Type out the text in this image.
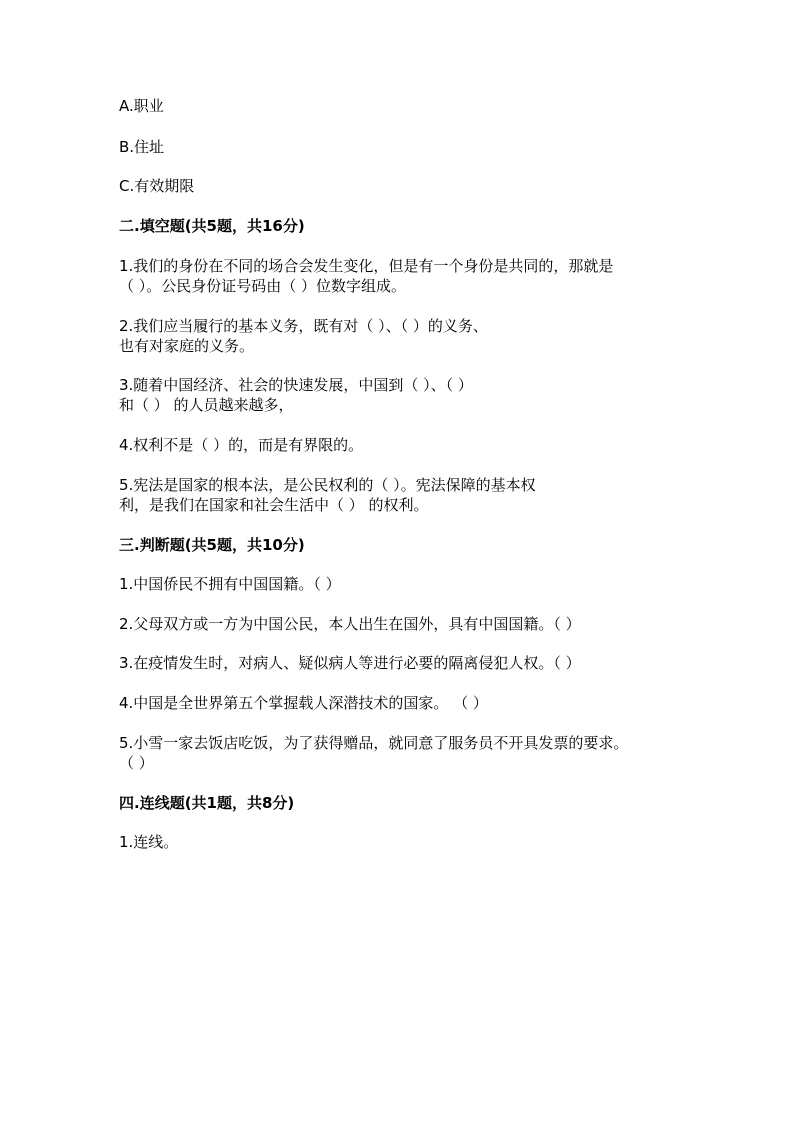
A.职业

B.住址

C.有效期限

二.填空题(共5题，共16分)

1.我们的身份在不同的场合会发生变化，但是有一个身份是共同的，那就是

（ ）。公民身份证号码由（ ）位数字组成。

2.我们应当履行的基本义务，既有对（ ）、（ ）的义务、

也有对家庭的义务。

3.随着中国经济、社会的快速发展，中国到（ ）、（ ）

和（ ） 的人员越来越多，

4.权利不是（ ）的，而是有界限的。

5.宪法是国家的根本法，是公民权利的（ ）。宪法保障的基本权

利，是我们在国家和社会生活中（ ） 的权利。

三.判断题(共5题，共10分)

1.中国侨民不拥有中国国籍。（ ）

2.父母双方或一方为中国公民，本人出生在国外，具有中国国籍。（ ）

3.在疫情发生时，对病人、疑似病人等进行必要的隔离侵犯人权。（ ）

4.中国是全世界第五个掌握载人深潜技术的国家。 （ ）

5.小雪一家去饭店吃饭，为了获得赠品，就同意了服务员不开具发票的要求。

（ ）

四.连线题(共1题，共8分)

1.连线。
